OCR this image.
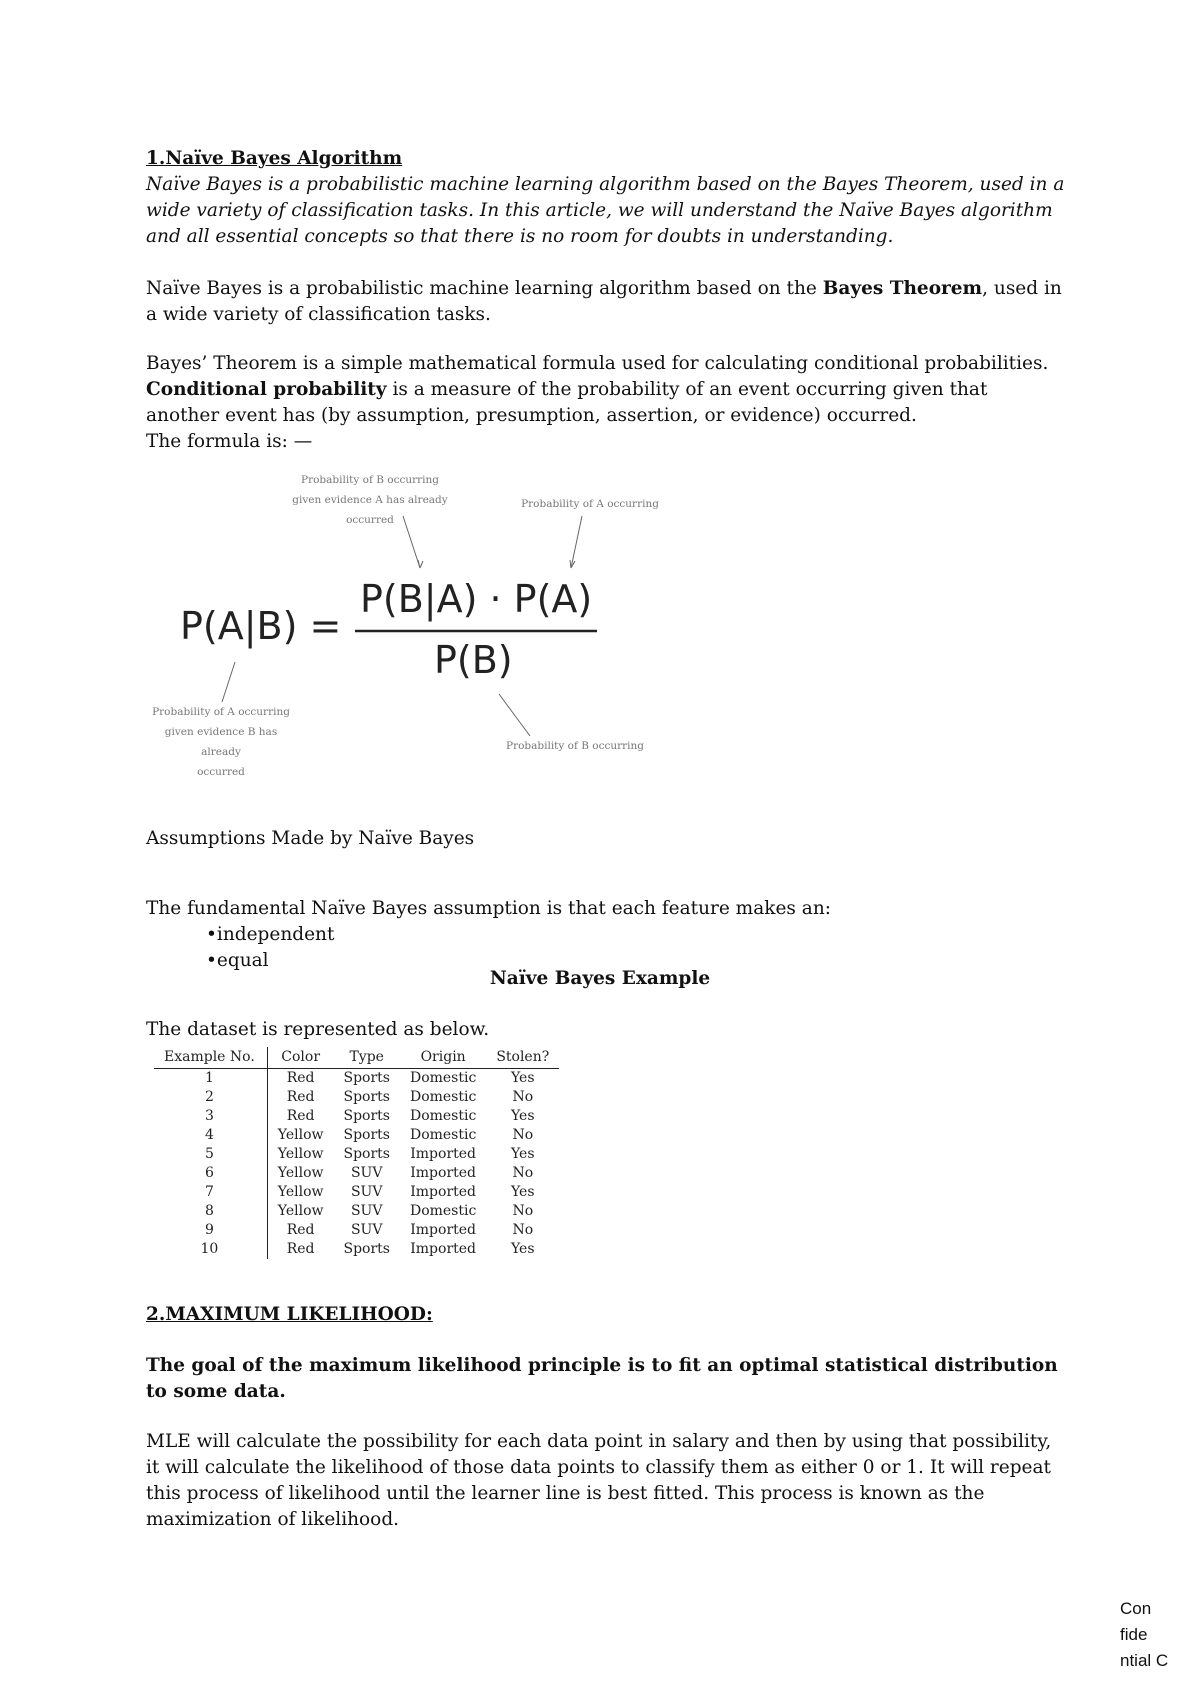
1.Naïve Bayes Algorithm

Naïve Bayes is a probabilistic machine learning algorithm based on the Bayes Theorem, used in a wide variety of classification tasks. In this article, we will understand the Naïve Bayes algorithm and all essential concepts so that there is no room for doubts in understanding.

Naïve Bayes is a probabilistic machine learning algorithm based on the Bayes Theorem, used in a wide variety of classification tasks.

Bayes’ Theorem is a simple mathematical formula used for calculating conditional probabilities.
Conditional probability is a measure of the probability of an event occurring given that another event has (by assumption, presumption, assertion, or evidence) occurred.
The formula is: —

Probability of B occurring
given evidence A has already
occurred
Probability of A occurring
P(A|B) =
P(B|A) · P(A)
P(B)
Probability of A occurring
given evidence B has already
occurred
Probability of B occurring

Assumptions Made by Naïve Bayes

The fundamental Naïve Bayes assumption is that each feature makes an:

•independent
•equal
Naïve Bayes Example

The dataset is represented as below.

Example No.	Color	Type	Origin	Stolen?
1	Red	Sports	Domestic	Yes
2	Red	Sports	Domestic	No
3	Red	Sports	Domestic	Yes
4	Yellow	Sports	Domestic	No
5	Yellow	Sports	Imported	Yes
6	Yellow	SUV	Imported	No
7	Yellow	SUV	Imported	Yes
8	Yellow	SUV	Domestic	No
9	Red	SUV	Imported	No
10	Red	Sports	Imported	Yes

2.MAXIMUM LIKELIHOOD:

The goal of the maximum likelihood principle is to fit an optimal statistical distribution to some data.

MLE will calculate the possibility for each data point in salary and then by using that possibility, it will calculate the likelihood of those data points to classify them as either 0 or 1. It will repeat this process of likelihood until the learner line is best fitted. This process is known as the maximization of likelihood.

Con fide ntial C
